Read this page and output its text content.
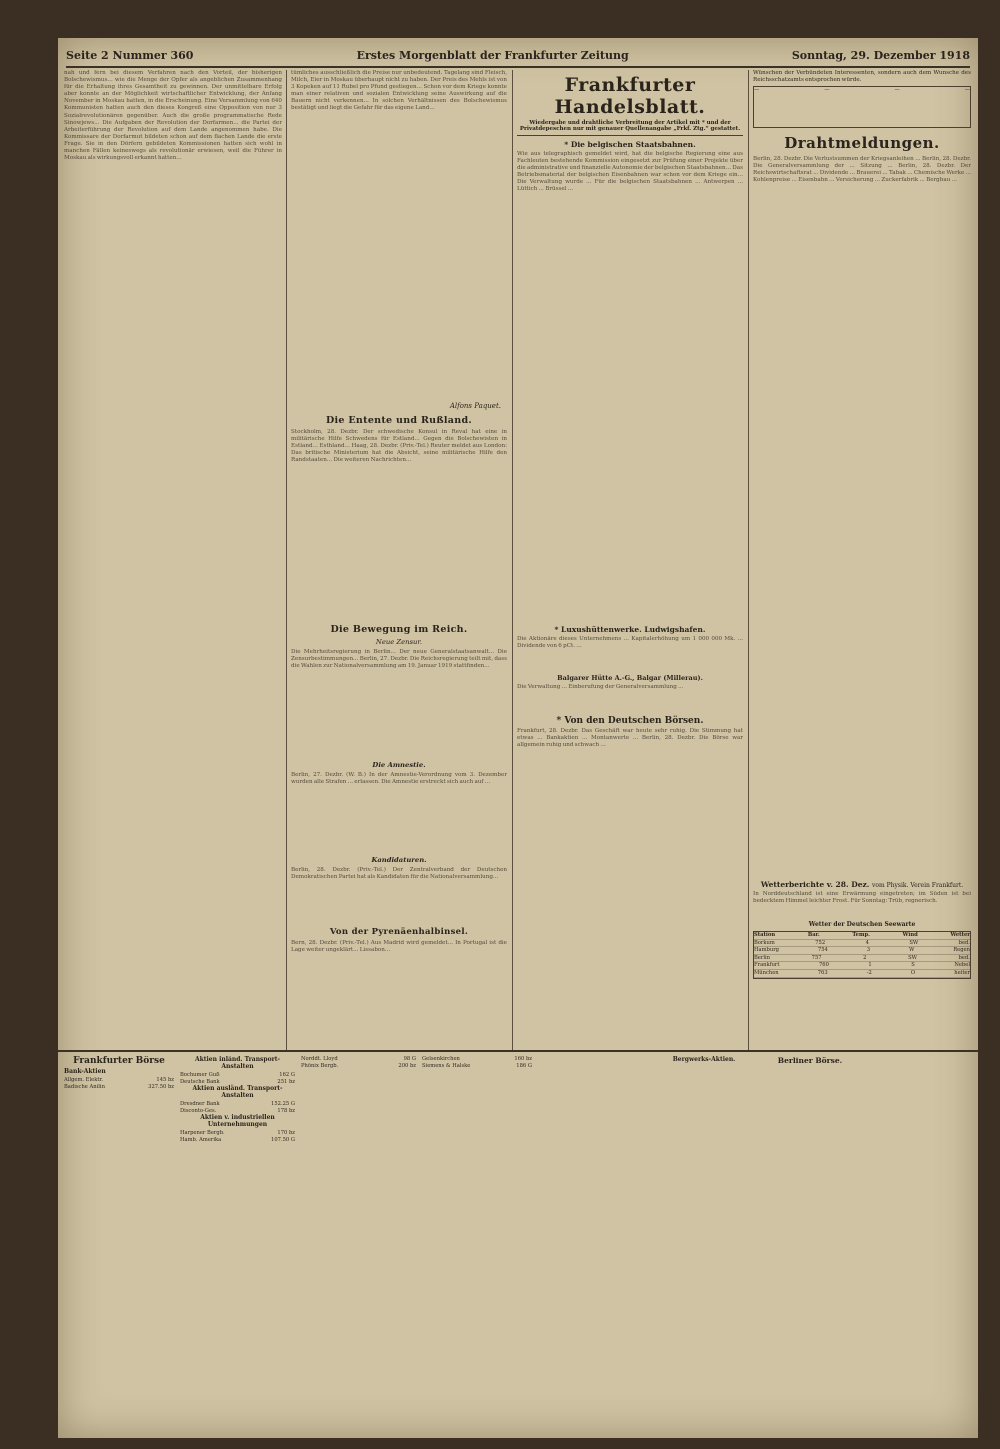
Seite 2 Nummer 360	Erstes Morgenblatt der Frankfurter Zeitung	Sonntag, 29. Dezember 1918
nah und fern bei diesem Verfahren nach den Vorteil, der bisherigen Bolschewismus... wie die Menge der Opfer als angeblichen Zusammenhang für die Erhaltung ihres Gesamtheit zu gewinnen. Der unmittelbare Erfolg aber konnte an der Möglichkeit wirtschaftlicher Entwicklung, der Anfang November in Moskau hatten, in die Erscheinung. Eine Versammlung von 640 Kommunisten hatten auch den dieses Kongreß eine Opposition von nur 3 Sozialrevolutionären gegenüber. Auch die große programmatische Rede Sinowjews... Die Aufgaben der Revolution der Dorfarmen... die Partei der Arbeiterführung der Revolution auf dem Lande angenommen habe. Die Kommissare der Dorfarmut bildeten schon auf dem flachen Lande die erste Frage. Sie in den Dörfern gebildeten Kommissionen hatten sich wohl in manchen Fällen keineswegs als revolutionär erwiesen, weil die Führer in Moskau als wirkungsvoll erkannt hatten...
tümliches ausschließlich die Preise nur unbedeutend. Tagelang sind Fleisch, Milch, Eier in Moskau überhaupt nicht zu haben. Der Preis des Mehls ist von 3 Kopeken auf 11 Rubel pro Pfund gestiegen... Schon vor dem Kriege konnte man einer relativen und sozialen Entwicklung seine Auswirkung auf die Bauern nicht verkennen... In solchen Verhältnissen des Bolschewismus bestätigt und liegt die Gefahr für das eigene Land...
Alfons Paquet.
Die Entente und Rußland.
Stockholm, 28. Dezbr. Der schwedische Konsul in Reval hat eine in militärische Hilfe Schwedens für Estland... Gegen die Bolschewisten in Estland... Esthland... Haag, 28. Dezbr. (Priv.-Tel.) Reuter meldet aus London: Das britische Ministerium hat die Absicht, seine militärische Hilfe den Randstaaten... Die weiteren Nachrichten...
Die Bewegung im Reich.
Neue Zensur.
Die Mehrheitsregierung in Berlin... Der neue Generalstaatsanwalt... Die Zensurbestimmungen... Berlin, 27. Dezbr. Die Reichsregierung teilt mit, dass die Wahlen zur Nationalversammlung am 19. Januar 1919 stattfinden...
Die Amnestie.
Berlin, 27. Dezbr. (W. B.) In der Amnestie-Verordnung vom 3. Dezember wurden alle Strafen ... erlassen. Die Amnestie erstreckt sich auch auf ...
Kandidaturen.
Berlin, 28. Dezbr. (Priv.-Tel.) Der Zentralverband der Deutschen Demokratischen Partei hat als Kandidaten für die Nationalversammlung...
Von der Pyrenäenhalbinsel.
Bern, 28. Dezbr. (Priv.-Tel.) Aus Madrid wird gemeldet... In Portugal ist die Lage weiter ungeklärt... Lissabon...
Frankfurter Handelsblatt.
Wiedergabe und drahtliche Verbreitung der Artikel mit * und der Privatdepeschen nur mit genauer Quellenangabe „Frkf. Ztg.“ gestattet.
* Die belgischen Staatsbahnen.
Wie aus telegraphisch gemeldet wird, hat die belgische Regierung eine aus Fachleuten bestehende Kommission eingesetzt zur Prüfung einer Projekte über die administrative und finanzielle Autonomie der belgischen Staatsbahnen... Das Betriebsmaterial der belgischen Eisenbahnen war schon vor dem Kriege ein... Die Verwaltung wurde ... Für die belgischen Staatsbahnen ... Antwerpen ... Lüttich ... Brüssel ...
* Luxushüttenwerke. Ludwigshafen.
Die Aktionäre dieses Unternehmens ... Kapitalerhöhung um 1 000 000 Mk. ... Dividende von 6 pCt. ...
Balgarer Hütte A.-G., Balgar (Millerau).
Die Verwaltung ... Einberufung der Generalversammlung ...
* Von den Deutschen Börsen.
Frankfurt, 28. Dezbr. Das Geschäft war heute sehr ruhig. Die Stimmung hat etwas ... Bankaktien ... Montanwerte ... Berlin, 28. Dezbr. Die Börse war allgemein ruhig und schwach ...
Wünschen der Verbündeten Interessenten, sondern auch dem Wunsche des Reichsschatzamts entsprochen würde.
—	—	—	—
Drahtmeldungen.
Berlin, 28. Dezbr. Die Verlustsummen der Kriegsanleihen ... Berlin, 28. Dezbr. Die Generalversammlung der ... Sitzung ... Berlin, 28. Dezbr. Der Reichswirtschaftsrat ... Dividende ... Brauerei ... Tabak ... Chemische Werke ... Kohlenpreise ... Eisenbahn ... Versicherung ... Zuckerfabrik ... Bergbau ...
Wetterberichte v. 28. Dez. vom Physik. Verein Frankfurt.
In Norddeutschland ist eine Erwärmung eingetreten; im Süden ist bei bedecktem Himmel leichter Frost. Für Sonntag: Trüb, regnerisch.
Wetter der Deutschen Seewarte
Station	Bar.	Temp.	Wind	Wetter
Borkum	752	4	SW	bed.
Hamburg	754	3	W	Regen
Berlin	757	2	SW	bed.
Frankfurt	760	1	S	Nebel
München	763	-2	O	heiter
Frankfurter Börse
Bank-Aktien
Allgem. Elektr.	145 bz
Badische Anilin	327.50 bz
Aktien inländ. Transport-Anstalten
Bochumer Guß	162 G
Deutsche Bank	251 bz
Aktien ausländ. Transport-Anstalten
Dresdner Bank	152.25 G
Disconto-Ges.	178 bz
Aktien v. industriellen Unternehmungen
Harpener Bergb.	170 bz
Hamb. Amerika	107.50 G
Norddt. Lloyd	98 G
Phönix Bergb.	200 bz
Gelsenkirchen	160 bz
Siemens & Halske	186 G
Bergwerks-Aktien.	Berliner Börse.
